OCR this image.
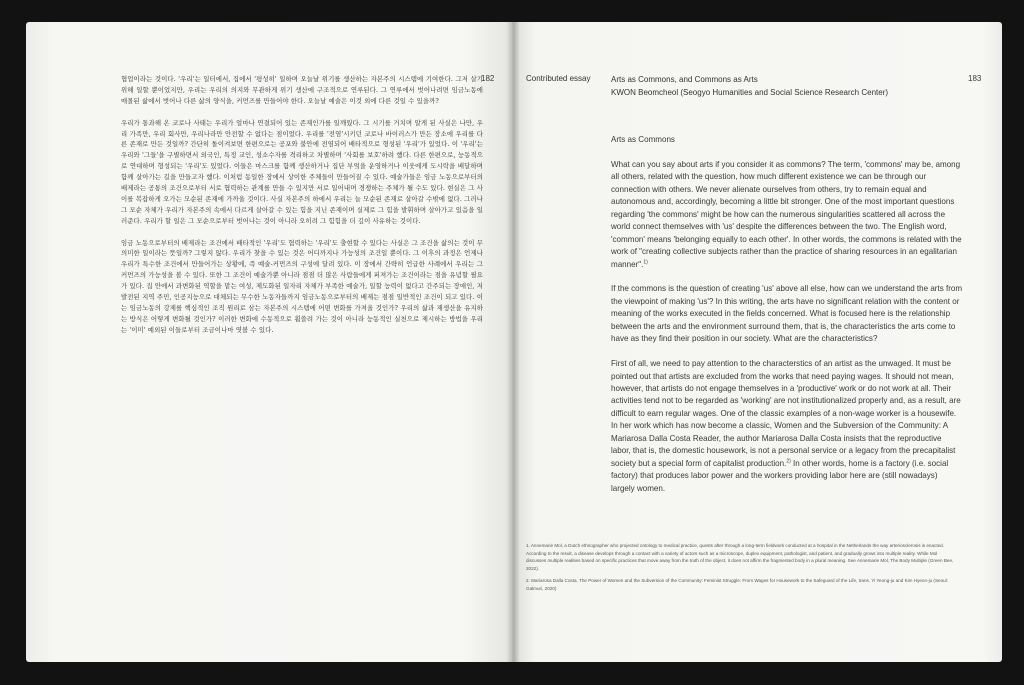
182

협업이라는 것이다. '우리'는 일터에서, 집에서 '평성히' 일하며 오늘날 위기를 생산하는 자본주의 시스템에 기여한다. 그저 살기 위해 일할 뿐이었지만, 우리는 우리의 의지와 무관하게 위기 생산에 구조적으로 연루된다. 그 연루에서 벗어나려면 임금노동에 매몰된 삶에서 벗어나 다른 삶의 양식을, 커먼즈를 만들어야 한다. 오늘날 예술은 이것 외에 다른 것일 수 있을까?

우리가 통과해 온 코로나 사태는 우리가 얼마나 연결되어 있는 존재인가를 일깨웠다. 그 시기를 거치며 알게 된 사실은 나만, 우리 가족만, 우리 회사만, 우리나라만 안전할 수 없다는 점이었다. 우리를 '전염'시키던 코로나 바이러스가 만든 장소에 우리를 다른 존재로 만든 것일까? 간단히 돌이켜보면 한편으로는 공포와 불안에 전염되어 배타적으로 형성된 '우리'가 있었다. 이 '우리'는 우리와 '그들'을 구별하면서 외국인, 특정 교인, 성소수자를 격리하고 차별하며 '사회를 보호'하려 했다. 다른 한편으로, 능동적으로 연대하며 형성되는 '우리'도 있었다. 이들은 마스크를 함께 생산하거나 집단 부엌을 운영하거나 이웃에게 도시락을 배달하며 함께 살아가는 길을 만들고자 했다. 이처럼 동일한 장에서 상이한 주체들이 만들어질 수 있다. 예술가들은 임금 노동으로부터의 배제라는 공통의 조건으로부터 서로 협력하는 관계를 만들 수 있지만 서로 일어내며 경쟁하는 주체가 될 수도 있다. 현실은 그 사이를 복잡하게 오가는 모순된 존재에 가까울 것이다. 사실 자본주의 하에서 우리는 늘 모순된 존재로 살아갈 수밖에 없다. 그러나 그 모순 자체가 우리가 자본주의 속에서 다르게 살아갈 수 있는 힘을 지닌 존재이며 실제로 그 힘을 발휘하며 살아가고 있음을 일러준다. 우리가 할 일은 그 모순으로부터 벗어나는 것이 아니라 오히려 그 힘힘을 더 깊이 사유하는 것이다.

임금 노동으로부터의 배제라는 조건에서 배타적인 '우리'도 협력하는 '우리'도 출현할 수 있다는 사실은 그 조건을 삶의는 것이 무의미한 일이라는 뜻일까? 그렇지 않다. 우리가 찾을 수 있는 것은 어디까지나 가능성의 조건일 뿐이다. 그 이후의 과정은 언제나 우리가 특수한 조건에서 만들어가는 상황에, 즉 예술-커먼즈의 구성에 달려 있다. 이 장에서 간략히 언급한 사례에서 우리는 그 커먼즈의 가능성을 볼 수 있다. 또한 그 조건이 예술가뿐 아니라 점점 더 많은 사람들에게 퍼져가는 조건이라는 점을 유념할 필요가 있다. 집 안에서 과변화된 역할을 맡는 여성, 제도화된 일자리 자체가 부족한 예술가, 일할 능력이 없다고 간주되는 장애인, 저발전된 지역 주민, 인공지능으로 대체되는 무수한 노동자들까지 임금노동으로부터의 배제는 점점 일반적인 조건이 되고 있다. 이는 임금노동의 강제를 핵심적인 조직 원리로 삼는 자본주의 시스템에 어떤 변화를 가져올 것인가? 우리의 삶과 재생산을 유지하는 방식은 어떻게 변화될 것인가? 이러한 변화에 수동적으로 휩쓸려 가는 것이 아니라 능동적인 실천으로 제시하는 방법을 우리는 '이미' 예외된 이들로부터 조금이나마 엿볼 수 있다.

Contributed essay	Arts as Commons, and Commons as Arts
KWON Beomcheol (Seogyo Humanities and Social Science Research Center)
183

Arts as Commons

What can you say about arts if you consider it as commons? The term, 'commons' may be, among all others, related with the question, how much different existence we can be through our connection with others. We never alienate ourselves from others, try to remain equal and autonomous and, accordingly, becoming a little bit stronger. One of the most important questions regarding 'the commons' might be how can the numerous singularities scattered all across the world connect themselves with 'us' despite the differences between the two. The English word, 'common' means 'belonging equally to each other'. In other words, the commons is related with the work of "creating collective subjects rather than the practice of sharing resources in an egalitarian manner".$^{1)}$

If the commons is the question of creating 'us' above all else, how can we understand the arts from the viewpoint of making 'us'? In this writing, the arts have no significant relation with the content or meaning of the works executed in the fields concerned. What is focused here is the relationship between the arts and the environment surround them, that is, the characteristics the arts come to have as they find their position in our society. What are the characteristics?

First of all, we need to pay attention to the characterstics of an artist as the unwaged. It must be pointed out that artists are excluded from the works that need paying wages. It should not mean, however, that artists do not engage themselves in a 'productive' work or do not work at all. Their activities tend not to be regarded as 'working' are not institutionalized properly and, as a result, are difficult to earn regular wages. One of the classic examples of a non-wage worker is a housewife. In her work which has now become a classic, Women and the Subversion of the Community: A Mariarosa Dalla Costa Reader, the author Mariarosa Dalla Costa insists that the reproductive labor, that is, the domestic housework, is not a personal service or a legacy from the precapitalist society but a special form of capitalist production.$^{2)}$ In other words, home is a factory (i.e. social factory) that produces labor power and the workers providing labor here are (still nowadays) largely women.

1. Annemarie Mol, a Dutch ethnographer who projected ontology to medical practice, quests after through a long-term fieldwork conducted at a hospital in the Netherlands the way arteriosclerosis is enacted. According to the result, a disease develops through a contact with a variety of actors such as a microscope, duplex equipment, pathologist, and patient, and gradually grows into multiple reality. While Mol discusses multiple realities based on specific practices that move away from the truth of the object, it does not affirm the fragmented body in a plural meaning. See Annemarie Mol, The Body Multiple (Green Bee, 2022).
2. Mariarosa Dalla Costa, The Power of Women and the Subversion of the Community: Feminist Struggle: From Wages for Housework to the Safeguard of the Life, trans. Yi Yeong-ju and Kim Hyeon-ju (Seoul: Galmuri, 2020)
